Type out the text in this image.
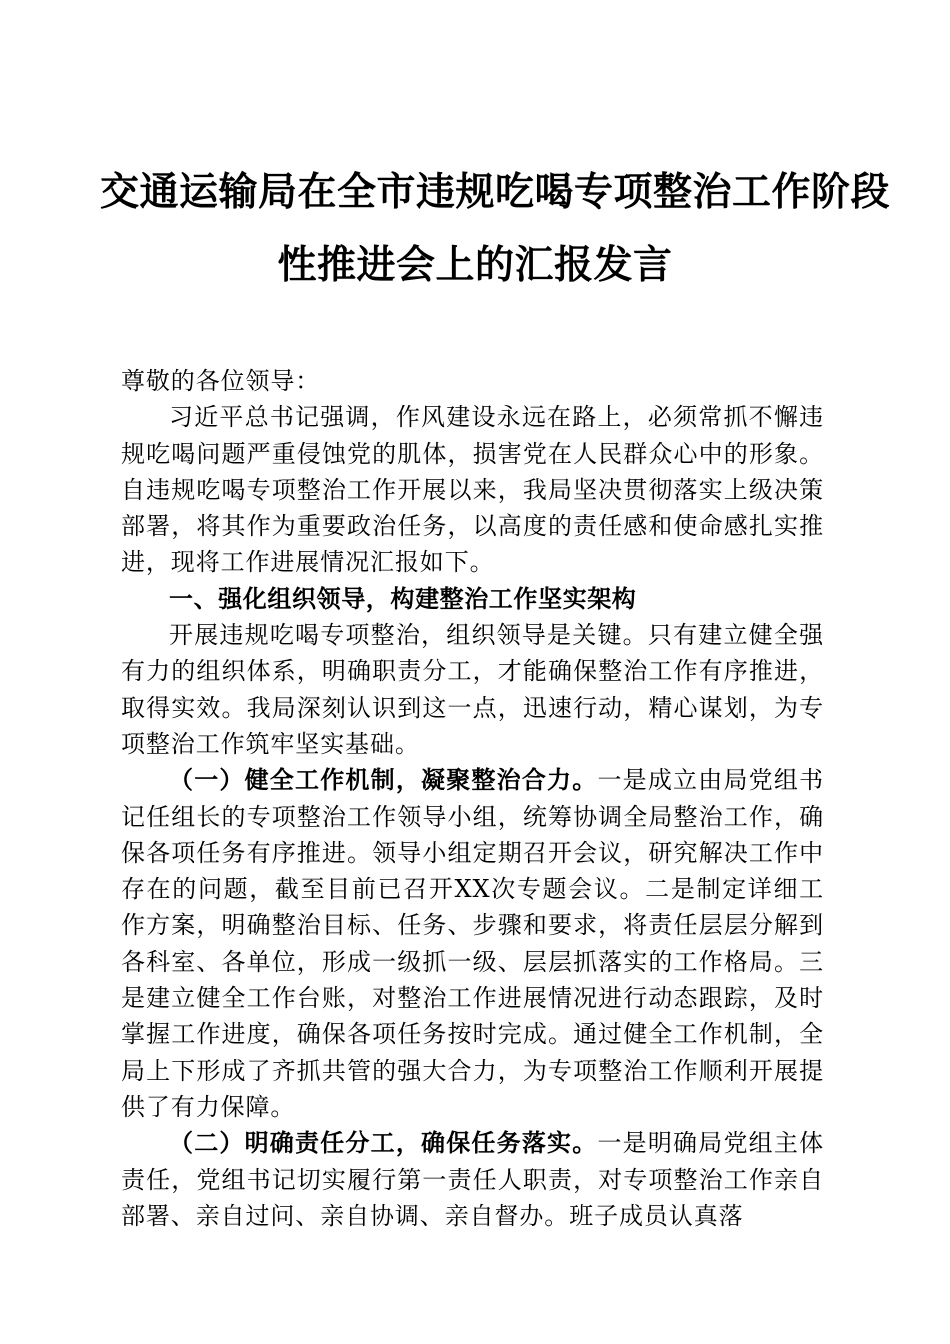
交通运输局在全市违规吃喝专项整治工作阶段
性推进会上的汇报发言

尊敬的各位领导：

习近平总书记强调，作风建设永远在路上，必须常抓不懈违规吃喝问题严重侵蚀党的肌体，损害党在人民群众心中的形象。自违规吃喝专项整治工作开展以来，我局坚决贯彻落实上级决策部署，将其作为重要政治任务，以高度的责任感和使命感扎实推进，现将工作进展情况汇报如下。

一、强化组织领导，构建整治工作坚实架构

开展违规吃喝专项整治，组织领导是关键。只有建立健全强有力的组织体系，明确职责分工，才能确保整治工作有序推进，取得实效。我局深刻认识到这一点，迅速行动，精心谋划，为专项整治工作筑牢坚实基础。

（一）健全工作机制，凝聚整治合力。一是成立由局党组书记任组长的专项整治工作领导小组，统筹协调全局整治工作，确保各项任务有序推进。领导小组定期召开会议，研究解决工作中存在的问题，截至目前已召开XX次专题会议。二是制定详细工作方案，明确整治目标、任务、步骤和要求，将责任层层分解到各科室、各单位，形成一级抓一级、层层抓落实的工作格局。三是建立健全工作台账，对整治工作进展情况进行动态跟踪，及时掌握工作进度，确保各项任务按时完成。通过健全工作机制，全局上下形成了齐抓共管的强大合力，为专项整治工作顺利开展提供了有力保障。

（二）明确责任分工，确保任务落实。一是明确局党组主体责任，党组书记切实履行第一责任人职责，对专项整治工作亲自部署、亲自过问、亲自协调、亲自督办。班子成员认真落
